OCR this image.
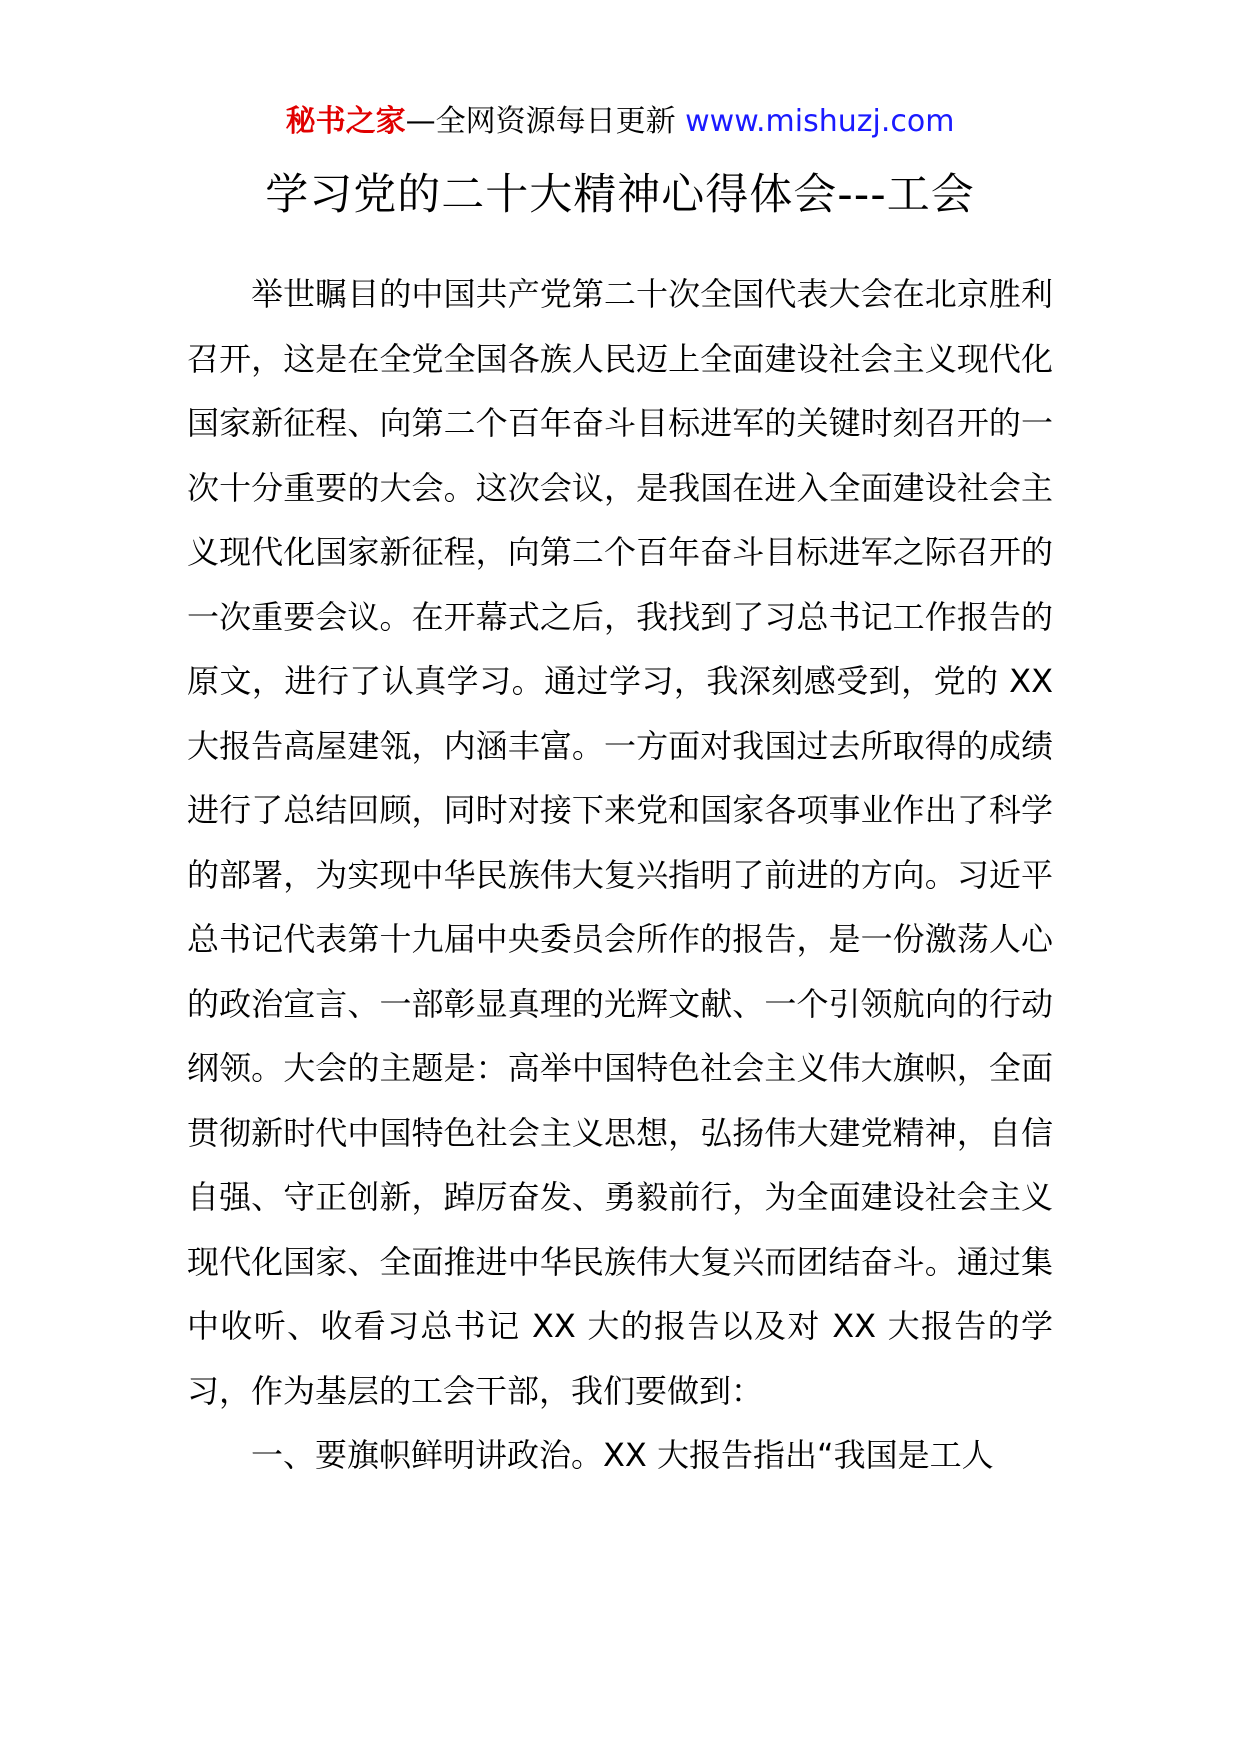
秘书之家—全网资源每日更新 www.mishuzj.com
学习党的二十大精神心得体会---工会

举世瞩目的中国共产党第二十次全国代表大会在北京胜利召开，这是在全党全国各族人民迈上全面建设社会主义现代化国家新征程、向第二个百年奋斗目标进军的关键时刻召开的一次十分重要的大会。这次会议，是我国在进入全面建设社会主义现代化国家新征程，向第二个百年奋斗目标进军之际召开的一次重要会议。在开幕式之后，我找到了习总书记工作报告的原文，进行了认真学习。通过学习，我深刻感受到，党的 XX 大报告高屋建瓴，内涵丰富。一方面对我国过去所取得的成绩进行了总结回顾，同时对接下来党和国家各项事业作出了科学的部署，为实现中华民族伟大复兴指明了前进的方向。习近平总书记代表第十九届中央委员会所作的报告，是一份激荡人心的政治宣言、一部彰显真理的光辉文献、一个引领航向的行动纲领。大会的主题是：高举中国特色社会主义伟大旗帜，全面贯彻新时代中国特色社会主义思想，弘扬伟大建党精神，自信自强、守正创新，踔厉奋发、勇毅前行，为全面建设社会主义现代化国家、全面推进中华民族伟大复兴而团结奋斗。通过集中收听、收看习总书记 XX 大的报告以及对 XX 大报告的学习，作为基层的工会干部，我们要做到：

一、要旗帜鲜明讲政治。XX 大报告指出“我国是工人
